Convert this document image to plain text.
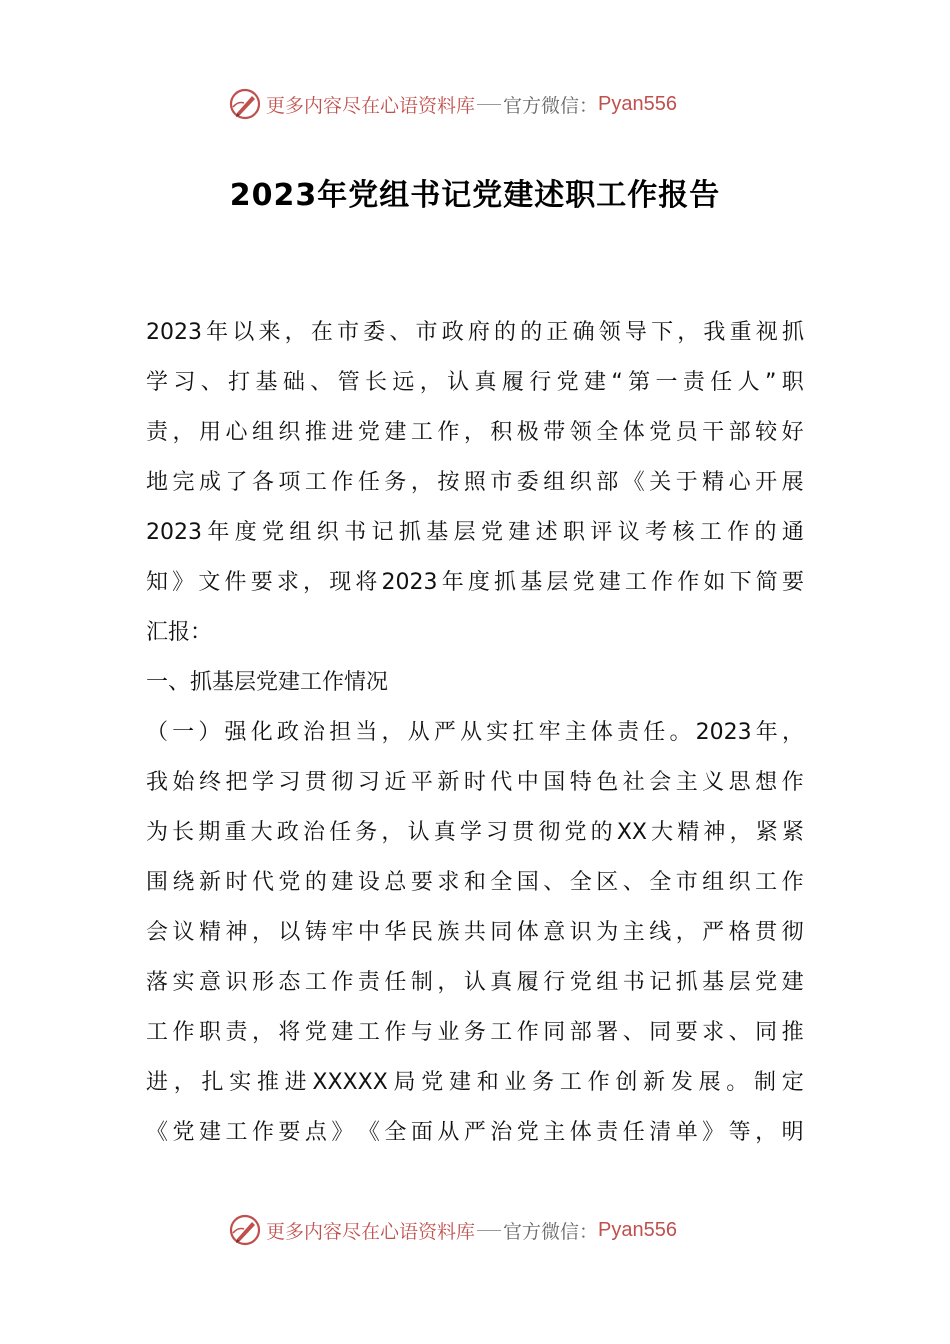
更多内容尽在心语资料库 官方微信： Pyan556
2023年党组书记党建述职工作报告
2023 年 以 来 ， 在 市 委 、 市 政 府 的 的 正 确 领 导 下 ， 我 重 视 抓
学 习 、 打 基 础 、 管 长 远 ， 认 真 履 行 党 建 “ 第 一 责 任 人 ” 职
责 ， 用 心 组 织 推 进 党 建 工 作 ， 积 极 带 领 全 体 党 员 干 部 较 好
地 完 成 了 各 项 工 作 任 务 ， 按 照 市 委 组 织 部 《 关 于 精 心 开 展
2023 年 度 党 组 织 书 记 抓 基 层 党 建 述 职 评 议 考 核 工 作 的 通
知 》 文 件 要 求 ， 现 将 2023 年 度 抓 基 层 党 建 工 作 作 如 下 简 要
汇报：
一、抓基层党建工作情况
（ 一 ） 强 化 政 治 担 当 ， 从 严 从 实 扛 牢 主 体 责 任 。 2023 年 ，
我 始 终 把 学 习 贯 彻 习 近 平 新 时 代 中 国 特 色 社 会 主 义 思 想 作
为 长 期 重 大 政 治 任 务 ， 认 真 学 习 贯 彻 党 的 XX 大 精 神 ， 紧 紧
围 绕 新 时 代 党 的 建 设 总 要 求 和 全 国 、 全 区 、 全 市 组 织 工 作
会 议 精 神 ， 以 铸 牢 中 华 民 族 共 同 体 意 识 为 主 线 ， 严 格 贯 彻
落 实 意 识 形 态 工 作 责 任 制 ， 认 真 履 行 党 组 书 记 抓 基 层 党 建
工 作 职 责 ， 将 党 建 工 作 与 业 务 工 作 同 部 署 、 同 要 求 、 同 推
进 ， 扎 实 推 进 XXXXX 局 党 建 和 业 务 工 作 创 新 发 展 。 制 定
《 党 建 工 作 要 点 》 《 全 面 从 严 治 党 主 体 责 任 清 单 》 等 ， 明
更多内容尽在心语资料库 官方微信： Pyan556
